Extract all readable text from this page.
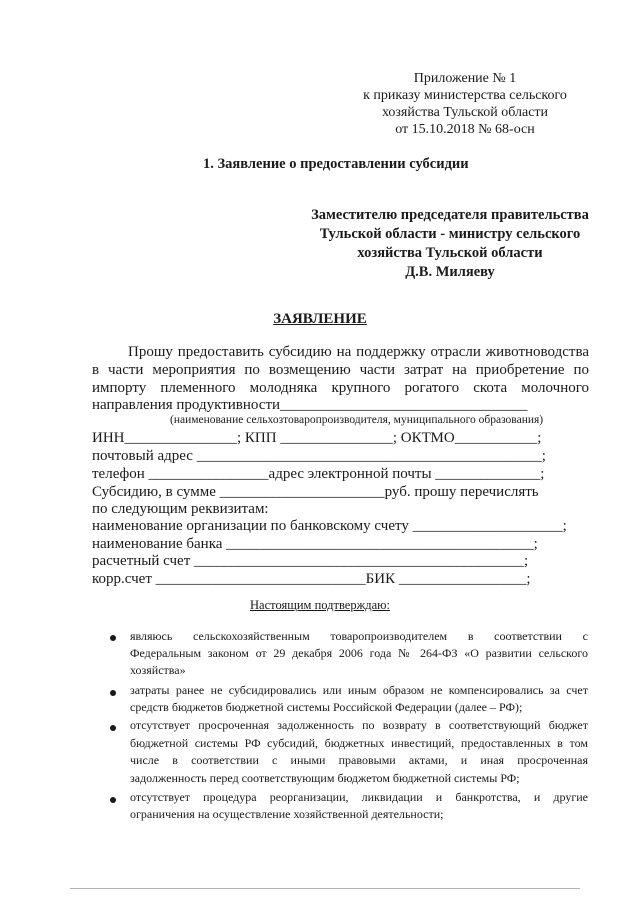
Приложение № 1
к приказу министерства сельского
хозяйства Тульской области
от 15.10.2018 № 68-осн
1. Заявление о предоставлении субсидии
Заместителю председателя правительства
Тульской области - министру сельского
хозяйства Тульской области
Д.В. Миляеву
ЗАЯВЛЕНИЕ
Прошу предоставить субсидию на поддержку отрасли животноводства
в части мероприятия по возмещению части затрат на приобретение по
импорту племенного молодняка крупного рогатого скота молочного
направления продуктивности_________________________________
(наименование сельхозтоваропроизводителя, муниципального образования)
ИНН_______________; КПП _______________; ОКТМО___________;
почтовый адрес ______________________________________________;
телефон ________________адрес электронной почты ______________;
Субсидию, в сумме ______________________руб. прошу перечислять
по следующим реквизитам:
наименование организации по банковскому счету ____________________;
наименование банка _________________________________________;
расчетный счет ____________________________________________;
корр.счет ____________________________БИК _________________;
Настоящим подтверждаю:
являюсь сельскохозяйственным товаропроизводителем в соответствии с
Федеральным законом от 29 декабря 2006 года № 264-ФЗ «О развитии сельского
хозяйства»
затраты ранее не субсидировались или иным образом не компенсировались за счет
средств бюджетов бюджетной системы Российской Федерации (далее – РФ);
отсутствует просроченная задолженность по возврату в соответствующий бюджет
бюджетной системы РФ субсидий, бюджетных инвестиций, предоставленных в том
числе в соответствии с иными правовыми актами, и иная просроченная
задолженность перед соответствующим бюджетом бюджетной системы РФ;
отсутствует процедура реорганизации, ликвидации и банкротства, и другие
ограничения на осуществление хозяйственной деятельности;
